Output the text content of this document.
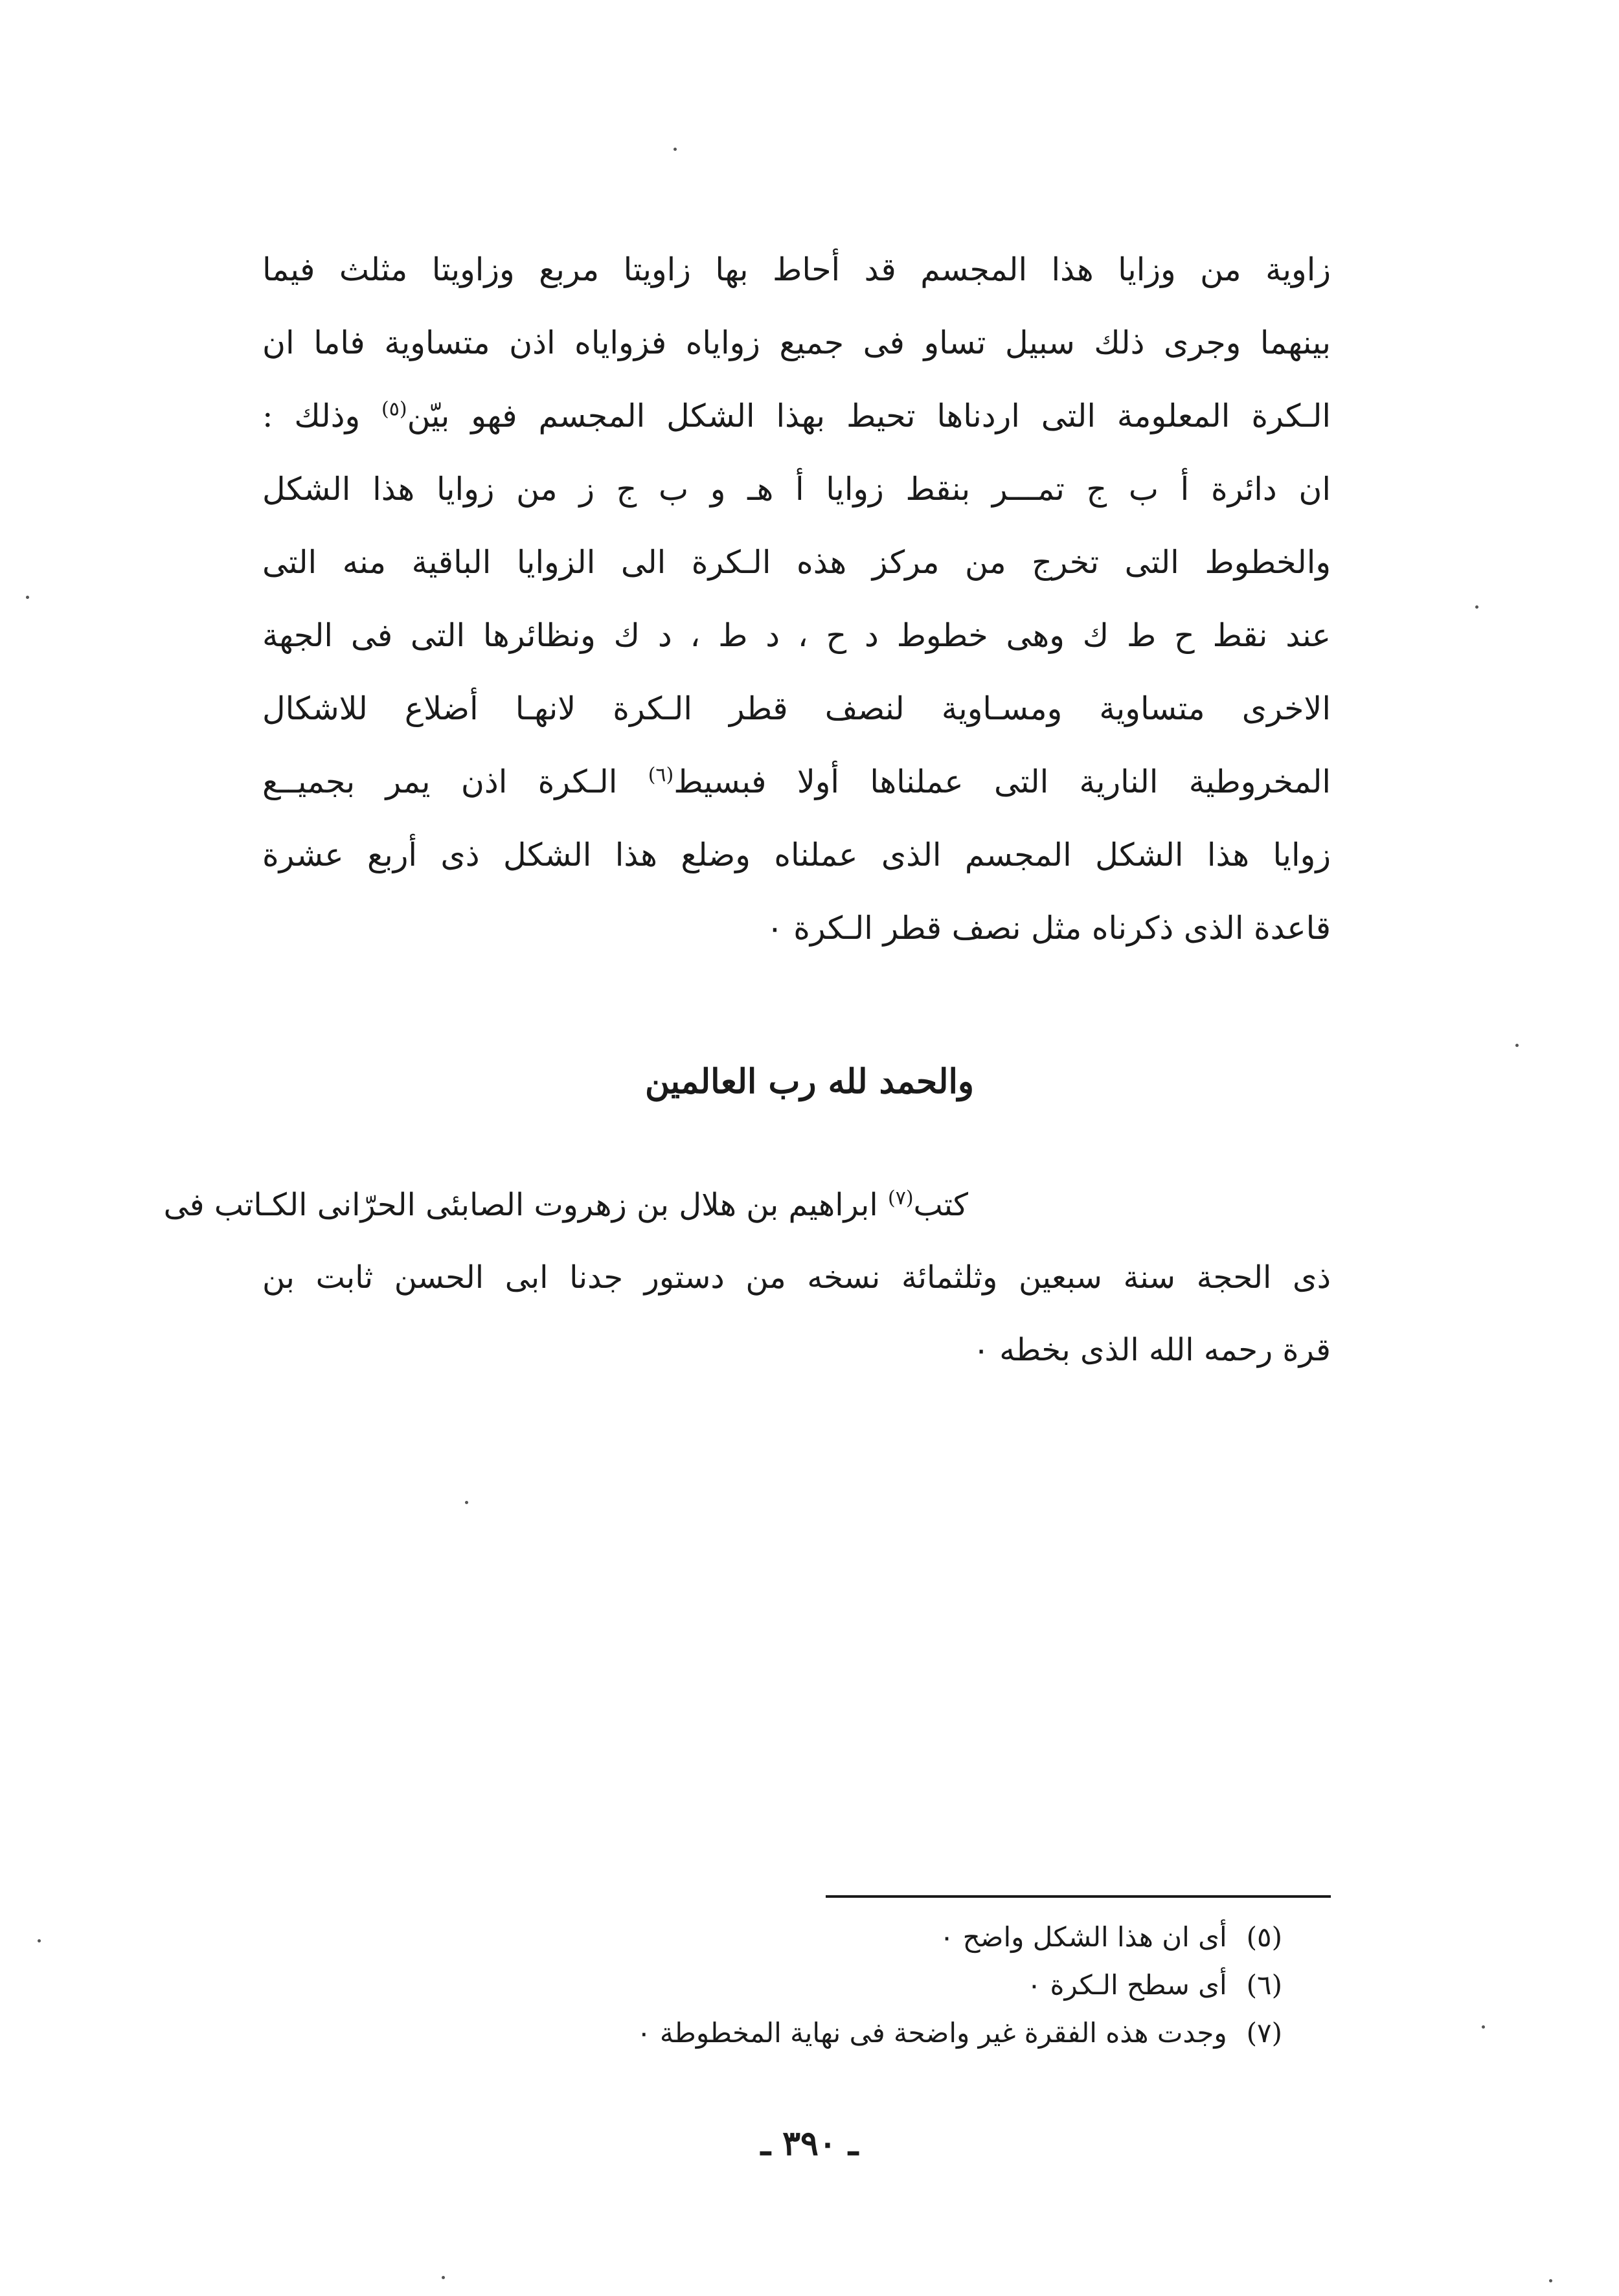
زاوية من وزايا هذا المجسم قد أحاط بها زاويتا مربع وزاويتا مثلث فيما
بينهما وجرى ذلك سبيل تساو فى جميع زواياه فزواياه اذن متساوية فاما ان
الـكرة المعلومة التى اردناها تحيط بهذا الشكل المجسم فهو بيّن$^{(٥)}$ وذلك :
ان دائرة أ ب ج تمـــر بنقط زوايا أ هـ و ب ج ز من زوايا هذا الشكل
والخطوط التى تخرج من مركز هذه الـكرة الى الزوايا الباقية منه التى
عند نقط ح ط ك وهى خطوط د ح ، د ط ، د ك ونظائرها التى فى الجهة
الاخرى متساوية ومسـاوية لنصف قطر الـكرة لانهـا أضلاع للاشكال
المخروطية النارية التى عملناها أولا فبسيط$^{(٦)}$ الـكرة اذن يمر بجميــع
زوايا هذا الشكل المجسم الذى عملناه وضلع هذا الشكل ذى أربع عشرة
قاعدة الذى ذكرناه مثل نصف قطر الـكرة ٠
والحمد لله رب العالمين
كتب$^{(٧)}$ ابراهيم بن هلال بن زهروت الصابئى الحرّانى الكـاتب فى
ذى الحجة سنة سبعين وثلثمائة نسخه من دستور جدنا ابى الحسن ثابت بن
قرة رحمه الله الذى بخطه ٠
(٥)أى ان هذا الشكل واضح ٠
(٦)أى سطح الـكرة ٠
(٧)وجدت هذه الفقرة غير واضحة فى نهاية المخطوطة ٠
ـ ٣٩٠ ـ
